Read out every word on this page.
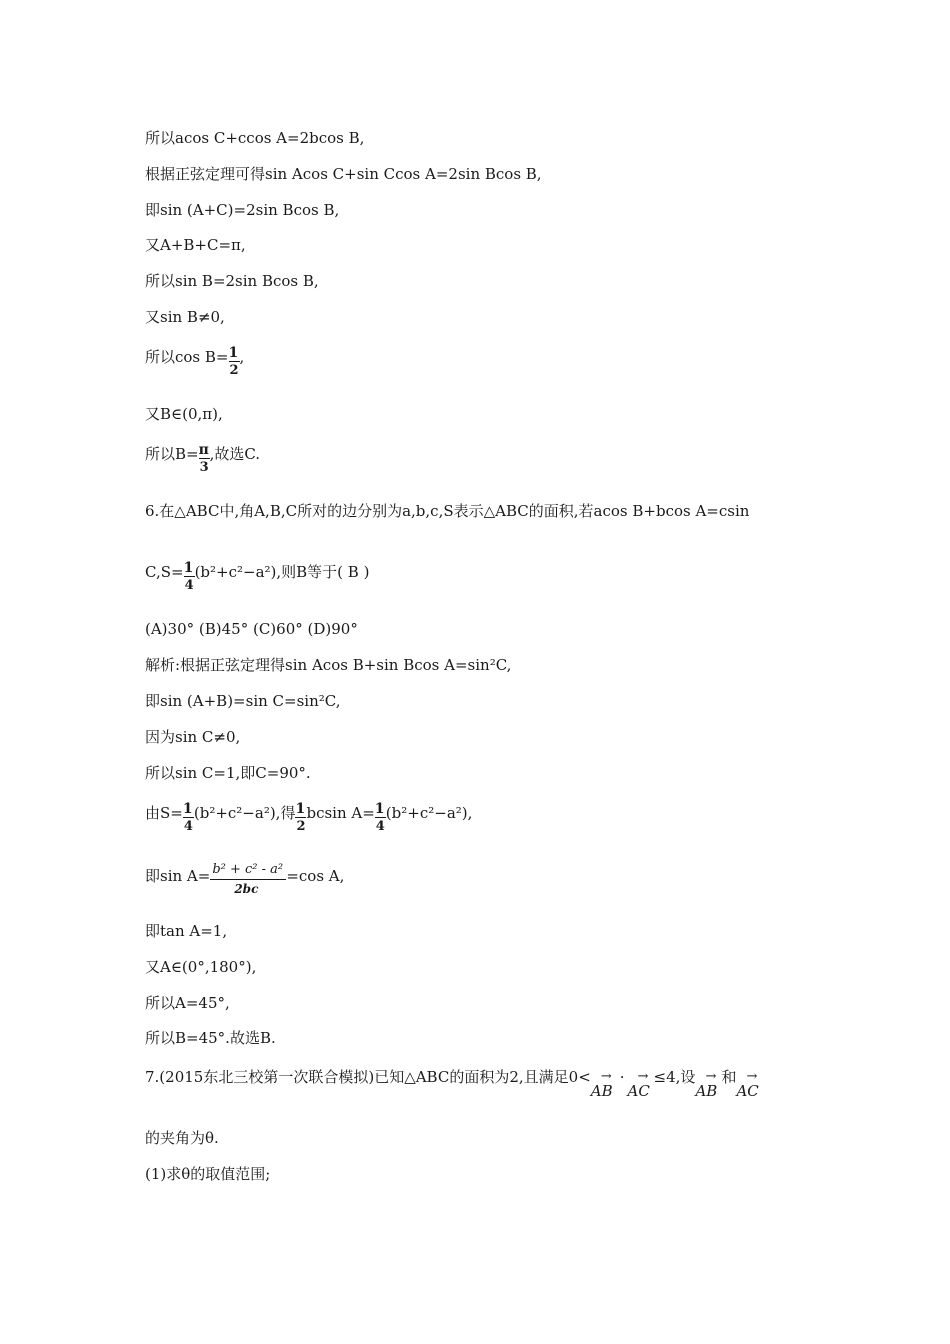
所以acos C+ccos A=2bcos B,
根据正弦定理可得sin Acos C+sin Ccos A=2sin Bcos B,
即sin (A+C)=2sin Bcos B,
又A+B+C=π,
所以sin B=2sin Bcos B,
又sin B≠0,
所以$\cos B= \frac{1}{2}$ ,
又B∈(0,π),
所以$B= \frac{\pi}{3}$ ,故选C.
6.在△ABC中,角A,B,C所对的边分别为a,b,c,S表示△ABC的面积,若acos B+bcos A=csin
$C,S= \frac{1}{4} (b^2+c^2-a^2)$,则B等于( B )
(A)30° (B)45° (C)60° (D)90°
解析:根据正弦定理得sin Acos B+sin Bcos A=sin²C,
即sin (A+B)=sin C=sin²C,
因为sin C≠0,
所以sin C=1,即C=90°.
由$S= \frac{1}{4} (b^2+c^2-a^2)$,得 $\frac{1}{2}$ bcsin $A= \frac{1}{4} (b^2+c^2-a^2)$,
即$\sin A= \frac{\text{b² + c² - a²}}{2bc} =\cos$ A,
即tan A=1,
又A∈(0°,180°),
所以A=45°,
所以B=45°.故选B.
7.(2015东北三校第一次联合模拟)已知△ABC的面积为2,且满足0< →
AB
· →
AC
≤4,设 →
AB
和 →
AC
的夹角为θ.
(1)求θ的取值范围;
